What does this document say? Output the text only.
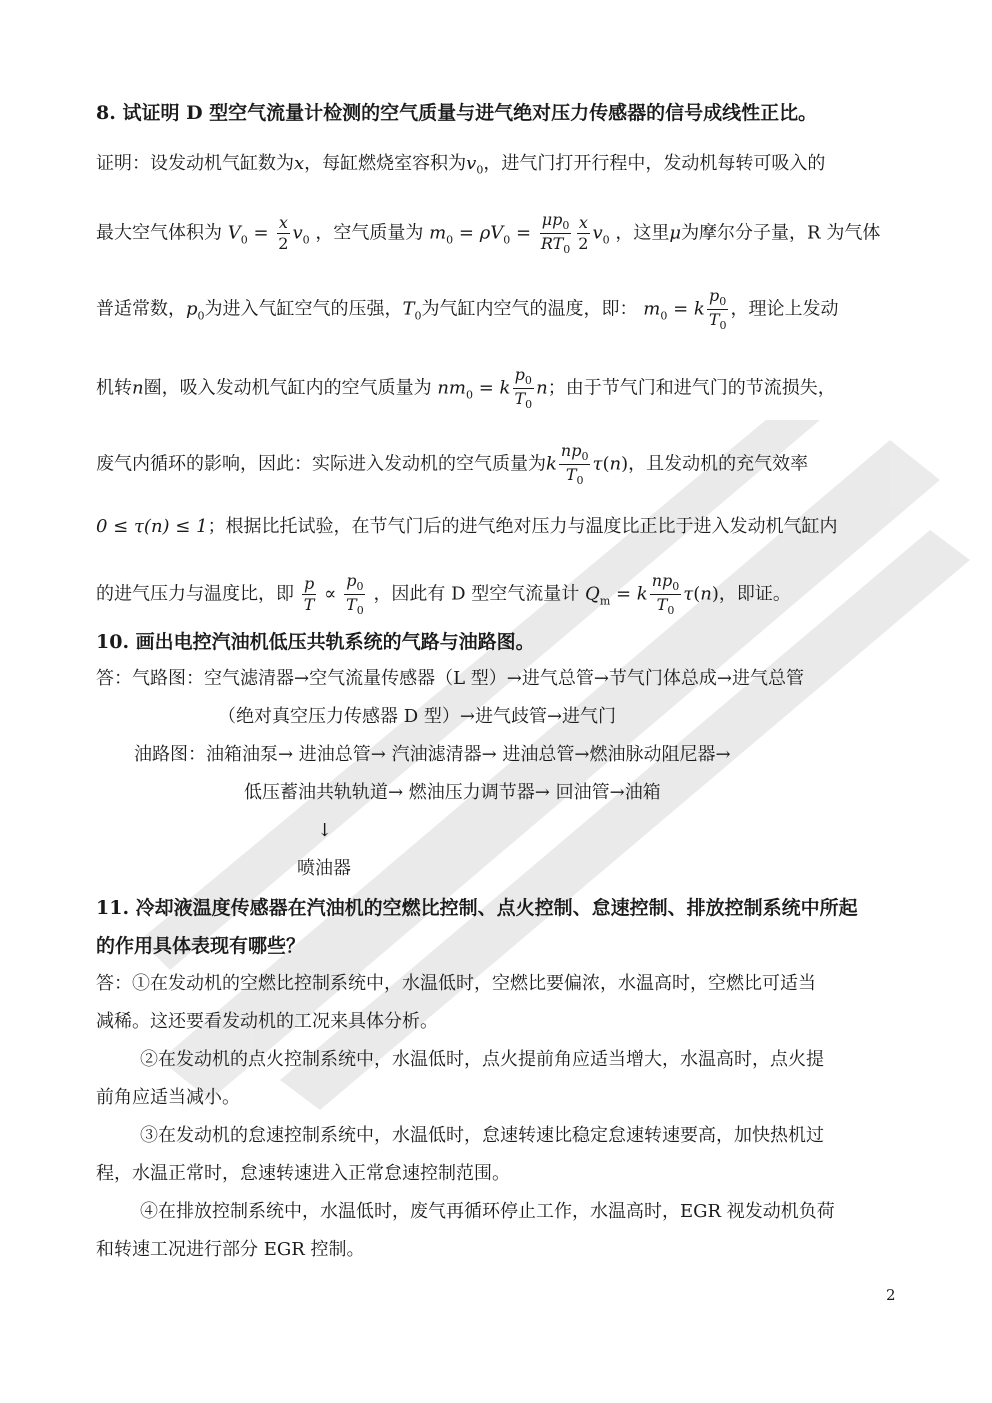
8. 试证明 D 型空气流量计检测的空气质量与进气绝对压力传感器的信号成线性正比。
证明：设发动机气缸数为x，每缸燃烧室容积为$v_0$，进气门打开行程中，发动机每转可吸入的
最大空气体积为 $V_0 = \frac{x}{2} v_0$ ，空气质量为 $m_0 = \rho V_0 = \frac{\mu p_0}{RT_0} \frac{x}{2} v_0$ ，这里μ为摩尔分子量，R 为气体
普适常数，$p_0$为进入气缸空气的压强，$T_0$为气缸内空气的温度，即： $m_0 = k \frac{p_0}{T_0}$ ，理论上发动
机转n圈，吸入发动机气缸内的空气质量为 $nm_0 = k \frac{p_0}{T_0}$ n；由于节气门和进气门的节流损失，
废气内循环的影响，因此：实际进入发动机的空气质量为k $\frac{np_0}{T_0} \tau(n)$，且发动机的充气效率
0 ≤ τ(n) ≤ 1；根据比托试验，在节气门后的进气绝对压力与温度比正比于进入发动机气缸内
的进气压力与温度比，即 $\frac{p}{T} \propto \frac{p_0}{T_0}$ ，因此有 D 型空气流量计 $Q_m = k \frac{np_0}{T_0} \tau(n)$，即证。
10. 画出电控汽油机低压共轨系统的气路与油路图。
答：气路图：空气滤清器→空气流量传感器（L 型）→进气总管→节气门体总成→进气总管
（绝对真空压力传感器 D 型）→进气歧管→进气门
油路图：油箱油泵→ 进油总管→ 汽油滤清器→ 进油总管→燃油脉动阻尼器→
低压蓄油共轨轨道→ 燃油压力调节器→ 回油管→油箱
↓
喷油器
11. 冷却液温度传感器在汽油机的空燃比控制、点火控制、怠速控制、排放控制系统中所起
的作用具体表现有哪些？
答：①在发动机的空燃比控制系统中，水温低时，空燃比要偏浓，水温高时，空燃比可适当
减稀。这还要看发动机的工况来具体分析。
②在发动机的点火控制系统中，水温低时，点火提前角应适当增大，水温高时，点火提
前角应适当减小。
③在发动机的怠速控制系统中，水温低时，怠速转速比稳定怠速转速要高，加快热机过
程，水温正常时，怠速转速进入正常怠速控制范围。
④在排放控制系统中，水温低时，废气再循环停止工作，水温高时，EGR 视发动机负荷
和转速工况进行部分 EGR 控制。
2
